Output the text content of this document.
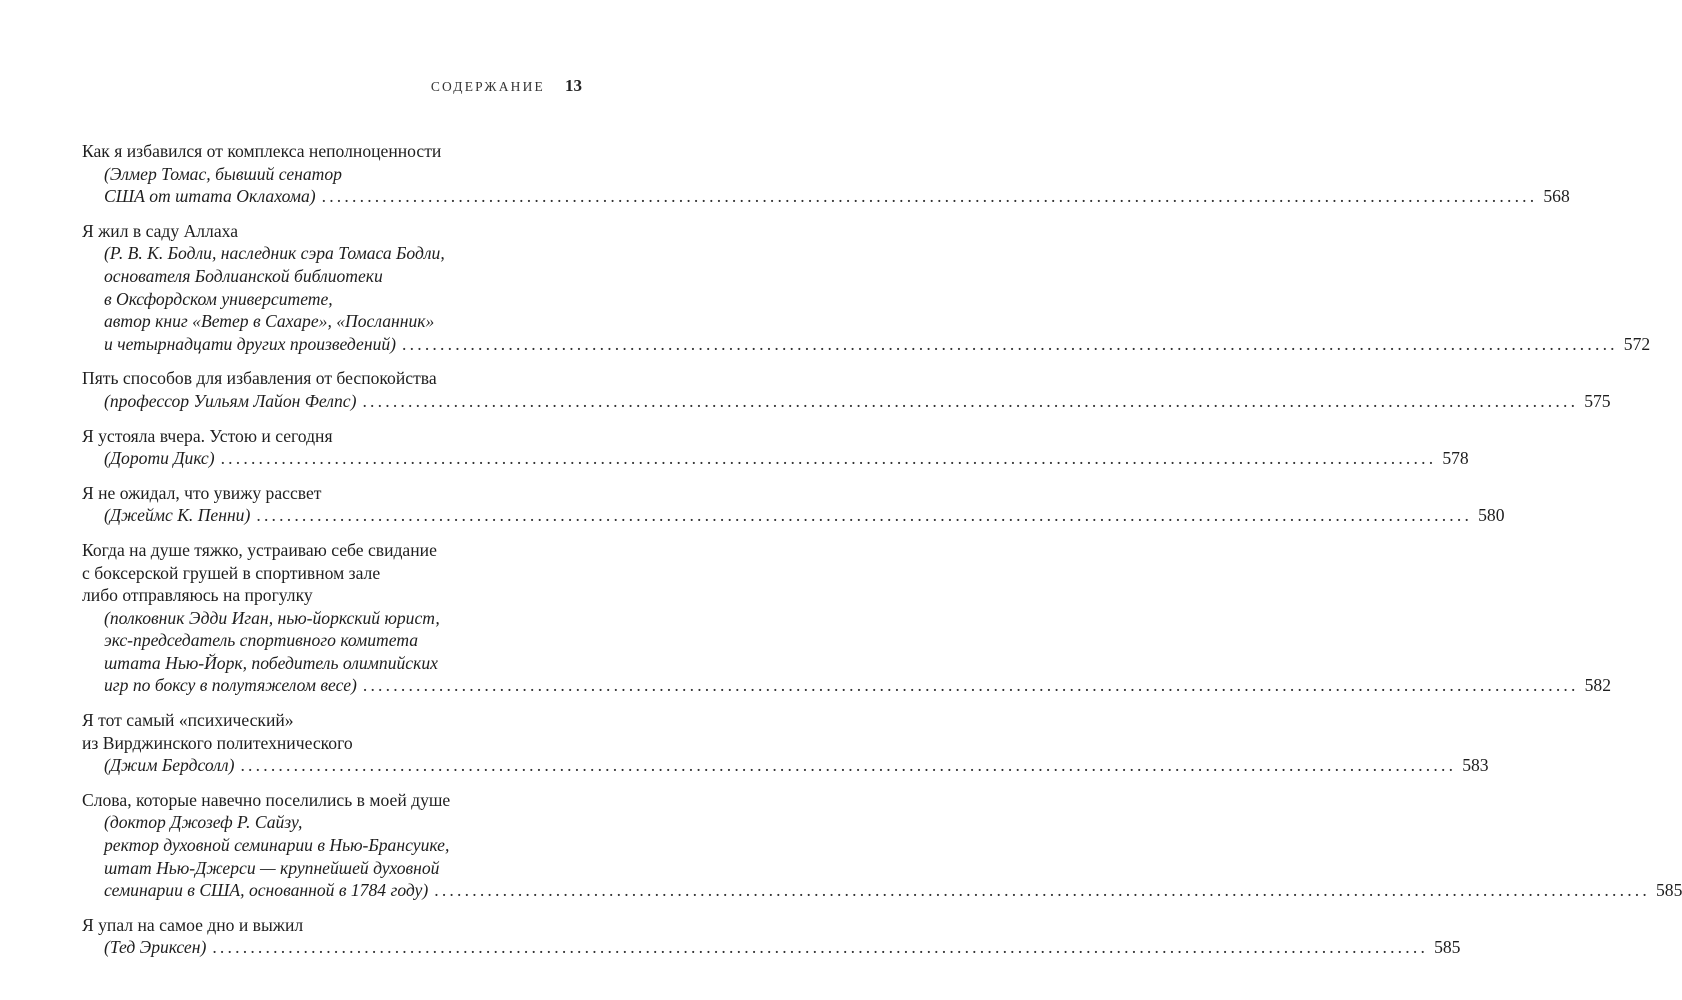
СОДЕРЖАНИЕ 13
Как я избавился от комплекса неполноценности
(Элмер Томас, бывший сенатор
США от штата Оклахома) ................................................................................................................................................................ 568
Я жил в саду Аллаха
(Р. В. К. Бодли, наследник сэра Томаса Бодли,
основателя Бодлианской библиотеки
в Оксфордском университете,
автор книг «Ветер в Сахаре», «Посланник»
и четырнадцати других произведений) ................................................................................................................................................................ 572
Пять способов для избавления от беспокойства
(профессор Уильям Лайон Фелпс) ................................................................................................................................................................ 575
Я устояла вчера. Устою и сегодня
(Дороти Дикс) ................................................................................................................................................................ 578
Я не ожидал, что увижу рассвет
(Джеймс К. Пенни) ................................................................................................................................................................ 580
Когда на душе тяжко, устраиваю себе свидание
с боксерской грушей в спортивном зале
либо отправляюсь на прогулку
(полковник Эдди Иган, нью-йоркский юрист,
экс-председатель спортивного комитета
штата Нью-Йорк, победитель олимпийских
игр по боксу в полутяжелом весе) ................................................................................................................................................................ 582
Я тот самый «психический»
из Вирджинского политехнического
(Джим Бердсолл) ................................................................................................................................................................ 583
Слова, которые навечно поселились в моей душе
(доктор Джозеф Р. Сайзу,
ректор духовной семинарии в Нью-Брансуике,
штат Нью-Джерси — крупнейшей духовной
семинарии в США, основанной в 1784 году) ................................................................................................................................................................ 585
Я упал на самое дно и выжил
(Тед Эриксен) ................................................................................................................................................................ 585
